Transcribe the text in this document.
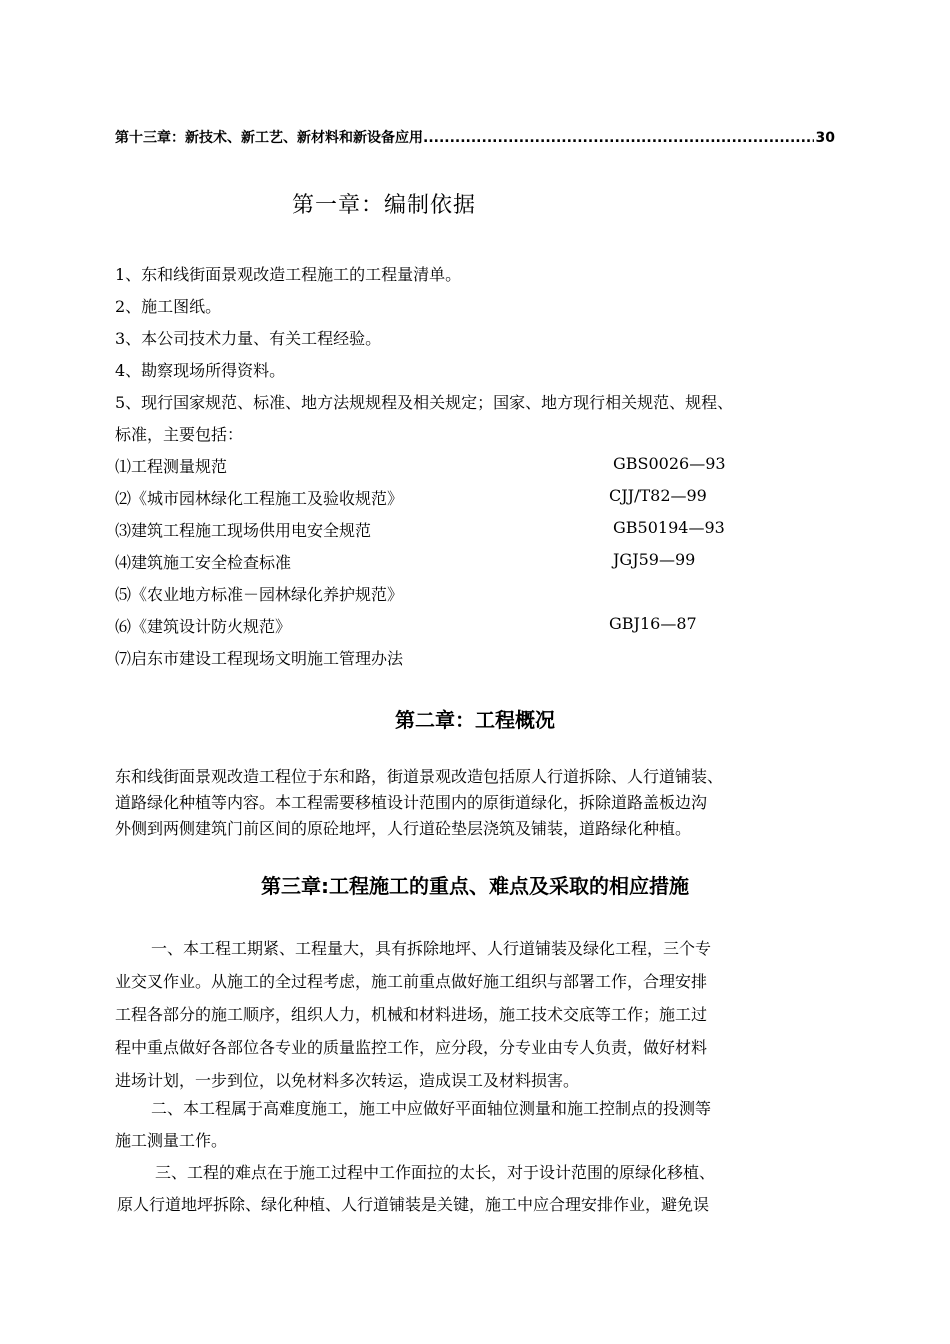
第十三章：新技术、新工艺、新材料和新设备应用
.....	30
第一章：编制依据
1、东和线街面景观改造工程施工的工程量清单。
2、施工图纸。
3、本公司技术力量、有关工程经验。
4、勘察现场所得资料。
5、现行国家规范、标准、地方法规规程及相关规定；国家、地方现行相关规范、规程、
标准，主要包括：
⑴工程测量规范	GBS0026—93
⑵《城市园林绿化工程施工及验收规范》	CJJ/T82—99
⑶建筑工程施工现场供用电安全规范	GB50194—93
⑷建筑施工安全检查标准	JGJ59—99
⑸《农业地方标准－园林绿化养护规范》
⑹《建筑设计防火规范》	GBJ16—87
⑺启东市建设工程现场文明施工管理办法
第二章：工程概况
东和线街面景观改造工程位于东和路，街道景观改造包括原人行道拆除、人行道铺装、
道路绿化种植等内容。本工程需要移植设计范围内的原街道绿化，拆除道路盖板边沟
外侧到两侧建筑门前区间的原砼地坪，人行道砼垫层浇筑及铺装，道路绿化种植。
第三章:工程施工的重点、难点及采取的相应措施
一、本工程工期紧、工程量大，具有拆除地坪、人行道铺装及绿化工程，三个专
业交叉作业。从施工的全过程考虑，施工前重点做好施工组织与部署工作，合理安排
工程各部分的施工顺序，组织人力，机械和材料进场，施工技术交底等工作；施工过
程中重点做好各部位各专业的质量监控工作，应分段，分专业由专人负责，做好材料
进场计划，一步到位，以免材料多次转运，造成误工及材料损害。
二、本工程属于高难度施工，施工中应做好平面轴位测量和施工控制点的投测等
施工测量工作。
三、工程的难点在于施工过程中工作面拉的太长，对于设计范围的原绿化移植、
原人行道地坪拆除、绿化种植、人行道铺装是关键，施工中应合理安排作业，避免误
